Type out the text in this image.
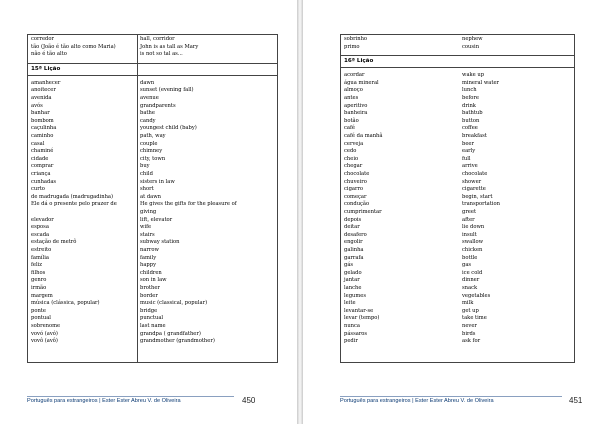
corredor	hall, corridor
tão (João é tão alto como Maria)	John is as tall as Mary
não é tão alto	is not so tal as...
15ª Lição
amanhecer	dawn
anoitecer	sunset (evening fall)
avenida	avenue
avós	grandparents
banhar	bathe
bombom	candy
caçulinha	youngest child (baby)
caminho	path, way
casal	couple
chaminé	chimney
cidade	city, town
comprar	buy
criança	child
cunhadas	sisters in law
curto	short
de madrugada (madrugadinha)	at dawn
Ele dá o presente pelo prazer de	He gives the gifts for the pleasure of
giving
elevador	lift, elevator
esposa	wife
escada	stairs
estação de metrô	subway station
estreito	narrow
família	family
feliz	happy
filhos	children
genro	son in law
irmão	brother
margem	border
música (clássica, popular)	music (classical, popular)
ponte	bridge
pontual	punctual
sobrenome	last name
vovó (avó)	grandpa ( grandfather)
vovô (avô)	grandmother (grandmother)
Português para estrangeiros | Ester Ester Abreu V. de Oliveira	450	Português para estrangeiros | Ester Ester Abreu V. de Oliveira	451
sobrinho	nephew
primo	cousin
16ª Lição
acordar	wake up
água mineral	mineral water
almoço	lunch
antes	before
aperitivo	drink
banheira	bathtub
botão	button
café	coffee
café da manhã	breakfast
cerveja	beer
cedo	early
cheio	full
chegar	arrive
chocolate	chocolate
chuveiro	shower
cigarro	cigarette
começar	begin, start
condução	transportation
cumprimentar	greet
depois	after
deitar	lie down
desafero	insult
engolir	swallow
galinha	chicken
garrafa	bottle
gás	gas
gelado	ice cold
jantar	dinner
lanche	snack
legumes	vegetables
leite	milk
levantar-se	get up
levar (tempo)	take time
nunca	never
pássaros	birds
pedir	ask for
